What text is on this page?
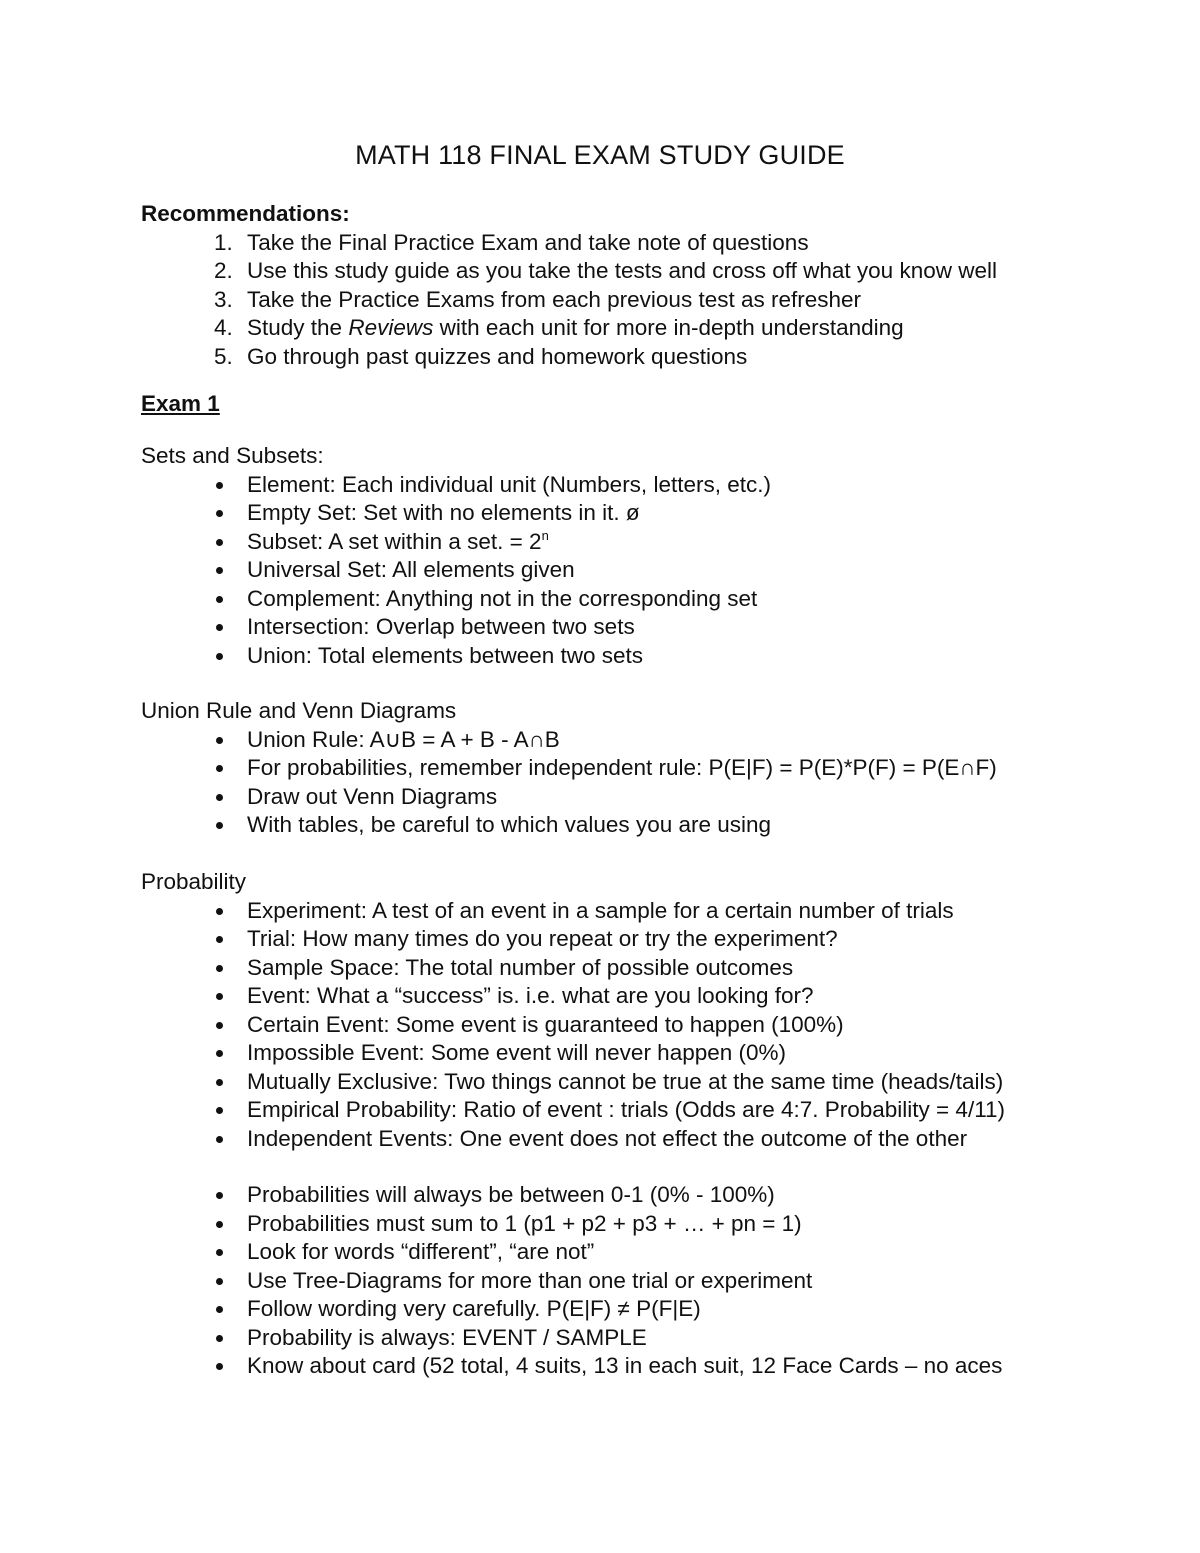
MATH 118 FINAL EXAM STUDY GUIDE
Recommendations:
1. Take the Final Practice Exam and take note of questions
2. Use this study guide as you take the tests and cross off what you know well
3. Take the Practice Exams from each previous test as refresher
4. Study the Reviews with each unit for more in-depth understanding
5. Go through past quizzes and homework questions
Exam 1
Sets and Subsets:
Element: Each individual unit (Numbers, letters, etc.)
Empty Set: Set with no elements in it. ø
Subset: A set within a set. = $2^n$
Universal Set: All elements given
Complement: Anything not in the corresponding set
Intersection: Overlap between two sets
Union: Total elements between two sets
Union Rule and Venn Diagrams
Union Rule: A∪B = A + B - A∩B
For probabilities, remember independent rule: P(E|F) = P(E)*P(F) = P(E∩F)
Draw out Venn Diagrams
With tables, be careful to which values you are using
Probability
Experiment: A test of an event in a sample for a certain number of trials
Trial: How many times do you repeat or try the experiment?
Sample Space: The total number of possible outcomes
Event: What a “success” is. i.e. what are you looking for?
Certain Event: Some event is guaranteed to happen (100%)
Impossible Event: Some event will never happen (0%)
Mutually Exclusive: Two things cannot be true at the same time (heads/tails)
Empirical Probability: Ratio of event : trials (Odds are 4:7. Probability = 4/11)
Independent Events: One event does not effect the outcome of the other
Probabilities will always be between 0-1 (0% - 100%)
Probabilities must sum to 1 (p1 + p2 + p3 + … + pn = 1)
Look for words “different”, “are not”
Use Tree-Diagrams for more than one trial or experiment
Follow wording very carefully. P(E|F) ≠ P(F|E)
Probability is always: EVENT / SAMPLE
Know about card (52 total, 4 suits, 13 in each suit, 12 Face Cards – no aces
